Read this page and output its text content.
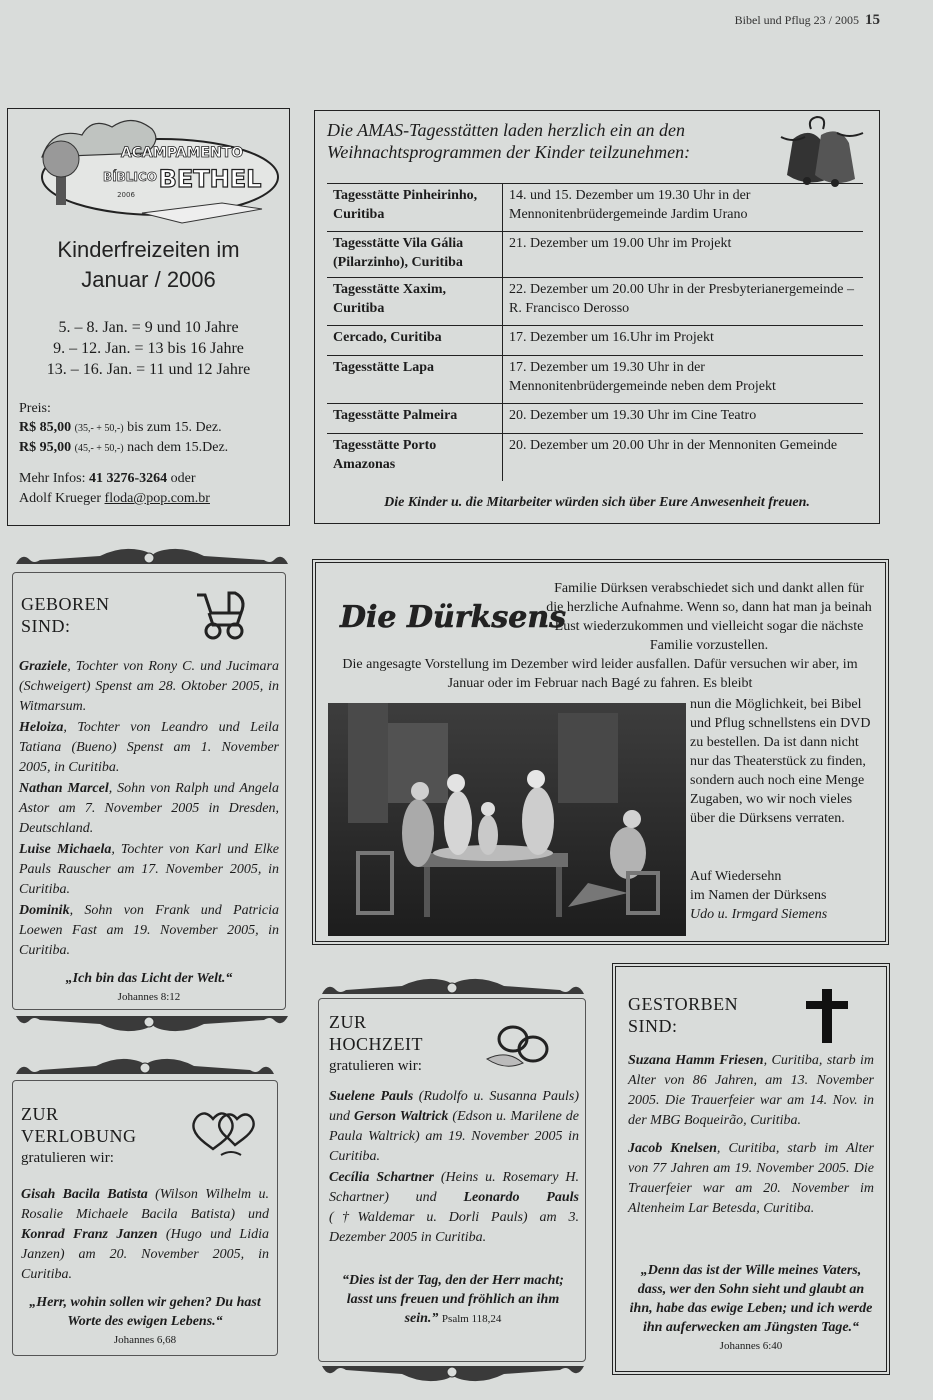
Bibel und Pflug 23 / 2005 15
ACAMPAMENTO
BÍBLICO BETHEL
2006
Kinderfreizeiten im
Januar / 2006
5. – 8. Jan. = 9 und 10 Jahre
9. – 12. Jan. = 13 bis 16 Jahre
13. – 16. Jan. = 11 und 12 Jahre
Preis:
R$ 85,00 (35,- + 50,-) bis zum 15. Dez.
R$ 95,00 (45,- + 50,-) nach dem 15.Dez.
Mehr Infos: 41 3276-3264 oder
Adolf Krueger floda@pop.com.br
Die AMAS-Tagesstätten laden herzlich ein an den Weihnachtsprogrammen der Kinder teilzunehmen:
Tagesstätte Pinheirinho, Curitiba
14. und 15. Dezember um 19.30 Uhr in der Mennonitenbrüdergemeinde Jardim Urano
Tagesstätte Vila Gália (Pilarzinho), Curitiba
21. Dezember um 19.00 Uhr im Projekt
Tagesstätte Xaxim, Curitiba
22. Dezember um 20.00 Uhr in der Presbyterianergemeinde – R. Francisco Derosso
Cercado, Curitiba	17. Dezember um 16.Uhr im Projekt
Tagesstätte Lapa	17. Dezember um 19.30 Uhr in der Mennonitenbrüdergemeinde neben dem Projekt
Tagesstätte Palmeira	20. Dezember um 19.30 Uhr im Cine Teatro
Tagesstätte Porto Amazonas
20. Dezember um 20.00 Uhr in der Mennoniten Gemeinde
Die Kinder u. die Mitarbeiter würden sich über Eure Anwesenheit freuen.
GEBOREN
SIND:

Graziele, Tochter von Rony C. und Jucimara (Schweigert) Spenst am 28. Oktober 2005, in Witmarsum.

Heloiza, Tochter von Leandro und Leila Tatiana (Bueno) Spenst am 1. November 2005, in Curitiba.

Nathan Marcel, Sohn von Ralph und Angela Astor am 7. November 2005 in Dresden, Deutschland.

Luise Michaela, Tochter von Karl und Elke Pauls Rauscher am 17. November 2005, in Curitiba.

Dominik, Sohn von Frank und Patricia Loewen Fast am 19. November 2005, in Curitiba.

„Ich bin das Licht der Welt.“
Johannes 8:12
Die Dürksens
Familie Dürksen verabschiedet sich und dankt allen für die herzliche Aufnahme. Wenn so, dann hat man ja beinah Lust wiederzukommen und vielleicht sogar die nächste Familie vorzustellen.
Die angesagte Vorstellung im Dezember wird leider ausfallen. Dafür versuchen wir aber, im Januar oder im Februar nach Bagé zu fahren. Es bleibt
nun die Möglichkeit, bei Bibel und Pflug schnellstens ein DVD zu bestellen. Da ist dann nicht nur das Theaterstück zu finden, sondern auch noch eine Menge Zugaben, wo wir noch vieles über die Dürksens verraten.
Auf Wiedersehn
im Namen der Dürksens
Udo u. Irmgard Siemens
ZUR
HOCHZEIT
gratulieren wir:

Suelene Pauls (Rudolfo u. Susanna Pauls) und Gerson Waltrick (Edson u. Marilene de Paula Waltrick) am 19. November 2005 in Curitiba.

Cecília Schartner (Heins u. Rosemary H. Schartner) und Leonardo Pauls (†Waldemar u. Dorli Pauls) am 3. Dezember 2005 in Curitiba.

“Dies ist der Tag, den der Herr macht; lasst uns freuen und fröhlich an ihm sein.” Psalm 118,24
GESTORBEN
SIND:

Suzana Hamm Friesen, Curitiba, starb im Alter von 86 Jahren, am 13. November 2005. Die Trauerfeier war am 14. Nov. in der MBG Boqueirão, Curitiba.

Jacob Knelsen, Curitiba, starb im Alter von 77 Jahren am 19. November 2005. Die Trauerfeier war am 20. November im Altenheim Lar Betesda, Curitiba.

„Denn das ist der Wille meines Vaters, dass, wer den Sohn sieht und glaubt an ihn, habe das ewige Leben; und ich werde ihn auferwecken am Jüngsten Tage.“
Johannes 6:40
ZUR
VERLOBUNG
gratulieren wir:

Gisah Bacila Batista (Wilson Wilhelm u. Rosalie Michaele Bacila Batista) und Konrad Franz Janzen (Hugo und Lidia Janzen) am 20. November 2005, in Curitiba.

„Herr, wohin sollen wir gehen? Du hast Worte des ewigen Lebens.“
Johannes 6,68
